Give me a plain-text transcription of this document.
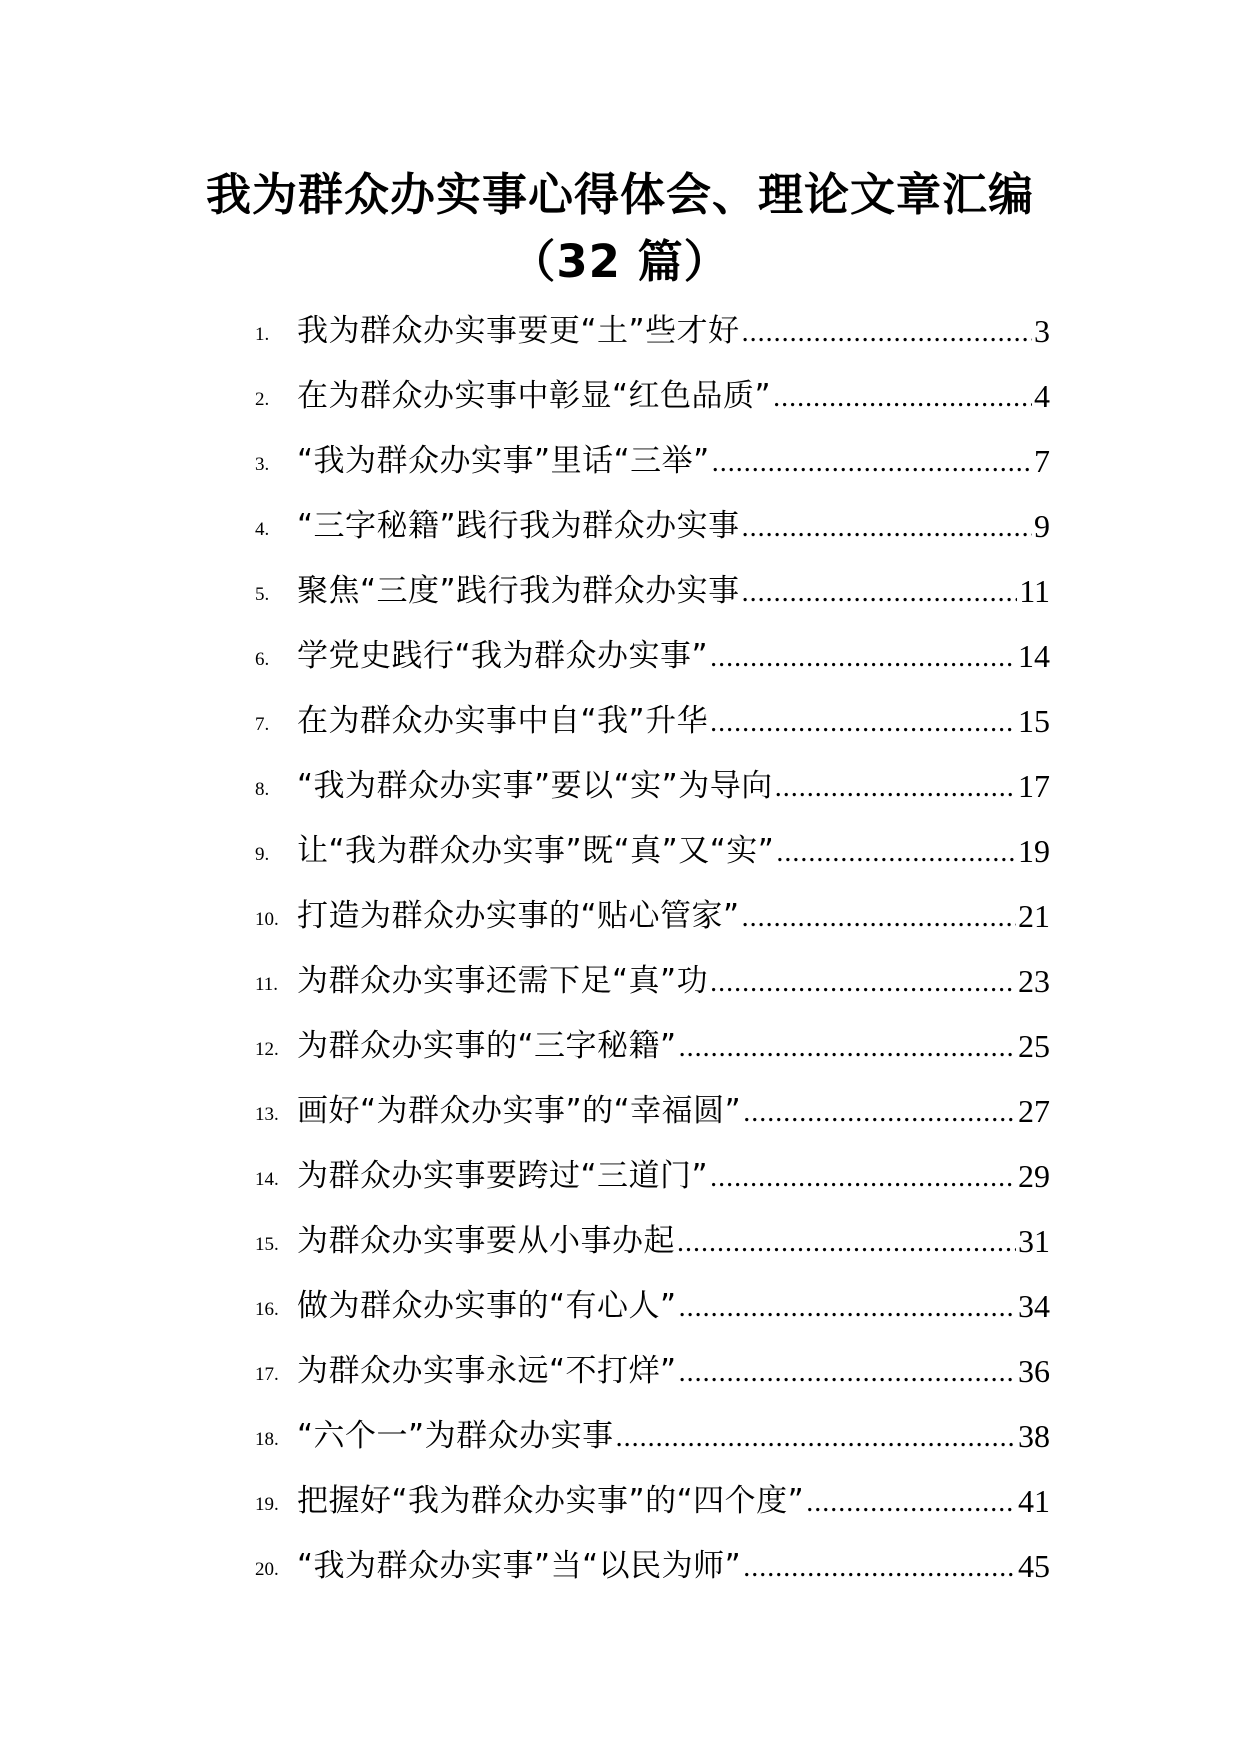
我为群众办实事心得体会、理论文章汇编
（32 篇）
1. 我为群众办实事要更“土”些才好 .....	3
2. 在为群众办实事中彰显“红色品质” .....	4
3. “我为群众办实事”里话“三举” .....	7
4. “三字秘籍”践行我为群众办实事 .....	9
5. 聚焦“三度”践行我为群众办实事 .....	11
6. 学党史践行“我为群众办实事” .....	14
7. 在为群众办实事中自“我”升华 .....	15
8. “我为群众办实事”要以“实”为导向 .....	17
9. 让“我为群众办实事”既“真”又“实” .....	19
10. 打造为群众办实事的“贴心管家” .....	21
11. 为群众办实事还需下足“真”功 .....	23
12. 为群众办实事的“三字秘籍” .....	25
13. 画好“为群众办实事”的“幸福圆” .....	27
14. 为群众办实事要跨过“三道门” .....	29
15. 为群众办实事要从小事办起 .....	31
16. 做为群众办实事的“有心人” .....	34
17. 为群众办实事永远“不打烊” .....	36
18. “六个一”为群众办实事 .....	38
19. 把握好“我为群众办实事”的“四个度” .....	41
20. “我为群众办实事”当“以民为师” .....	45
